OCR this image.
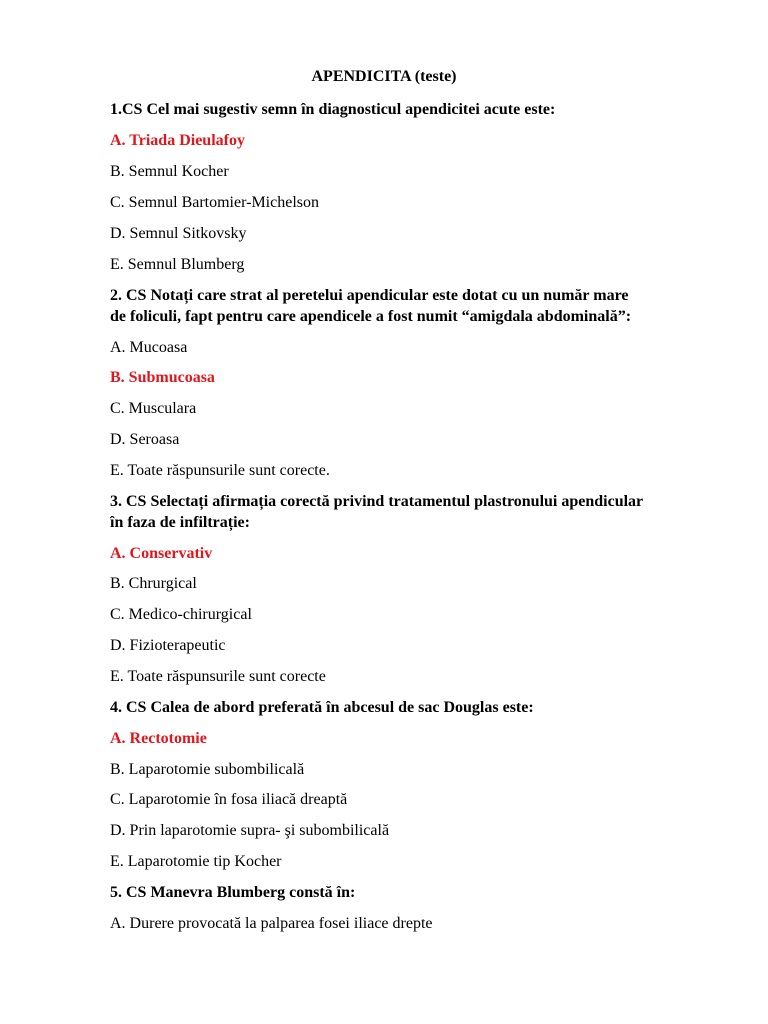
APENDICITA (teste)
1.CS Cel mai sugestiv semn în diagnosticul apendicitei acute este:
A. Triada Dieulafoy
B. Semnul Kocher
C. Semnul Bartomier-Michelson
D. Semnul Sitkovsky
E. Semnul Blumberg
2. CS Notați care strat al peretelui apendicular este dotat cu un număr mare
de foliculi, fapt pentru care apendicele a fost numit “amigdala abdominală”:
A. Mucoasa
B. Submucoasa
C. Musculara
D. Seroasa
E. Toate răspunsurile sunt corecte.
3. CS Selectați afirmația corectă privind tratamentul plastronului apendicular
în faza de infiltrație:
A. Conservativ
B. Chrurgical
C. Medico-chirurgical
D. Fizioterapeutic
E. Toate răspunsurile sunt corecte
4. CS Calea de abord preferată în abcesul de sac Douglas este:
A. Rectotomie
B. Laparotomie subombilicală
C. Laparotomie în fosa iliacă dreaptă
D. Prin laparotomie supra- şi subombilicală
E. Laparotomie tip Kocher
5. CS Manevra Blumberg constă în:
A. Durere provocată la palparea fosei iliace drepte
